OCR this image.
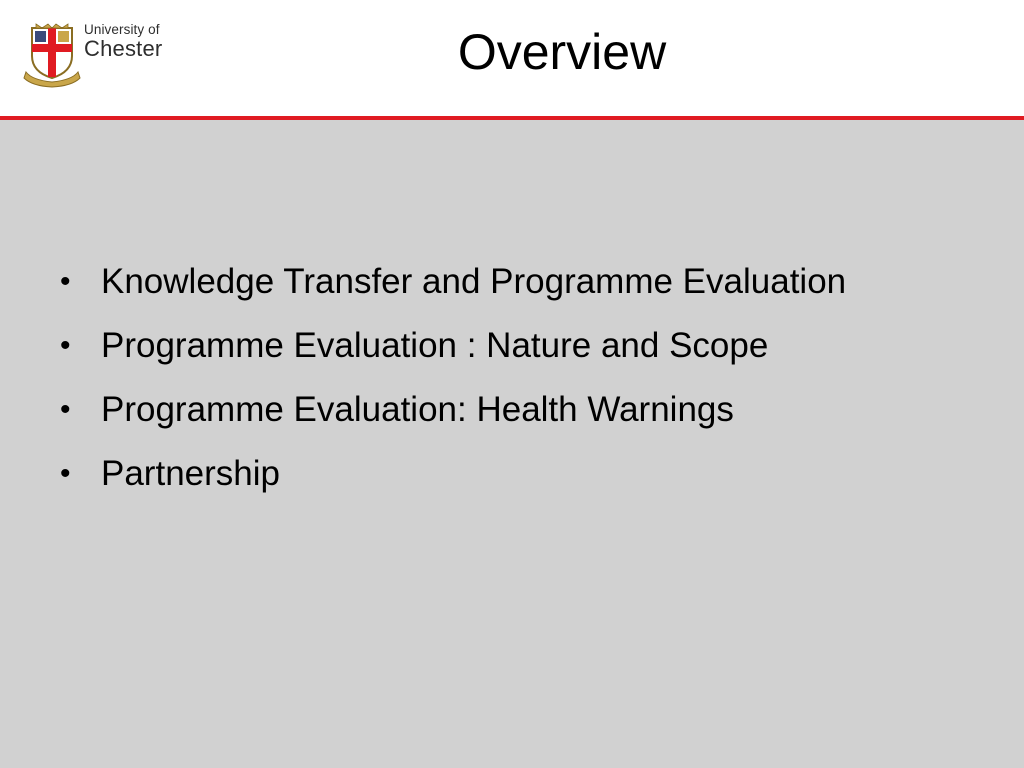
University of
Chester	Overview
• Knowledge Transfer and Programme Evaluation
• Programme Evaluation : Nature and Scope
• Programme Evaluation: Health Warnings
• Partnership
